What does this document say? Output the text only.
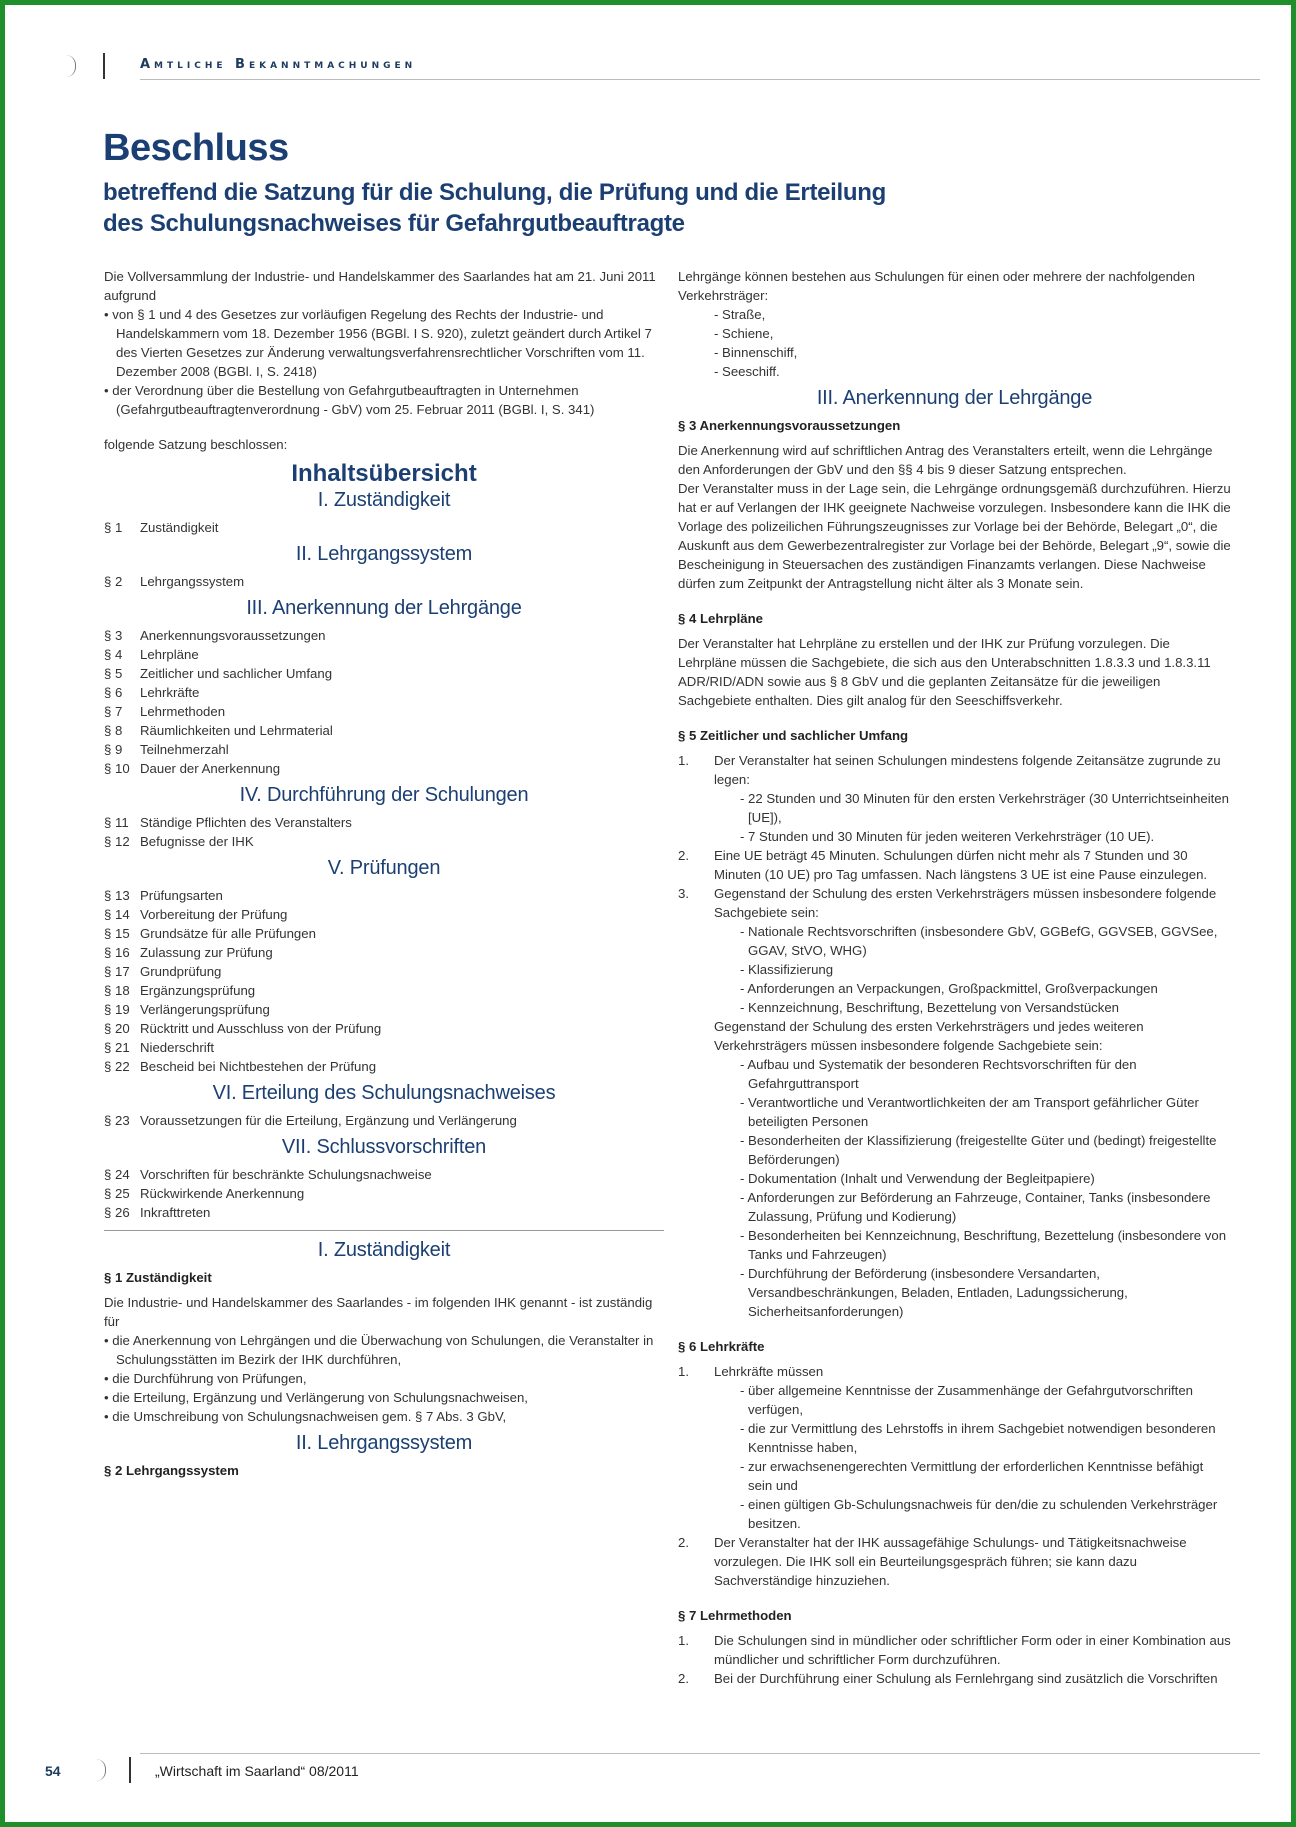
Amtliche Bekanntmachungen
Beschluss
betreffend die Satzung für die Schulung, die Prüfung und die Erteilung
des Schulungsnachweises für Gefahrgutbeauftragte

Die Vollversammlung der Industrie- und Handelskammer des Saarlandes hat am 21. Juni 2011 aufgrund

• von § 1 und 4 des Gesetzes zur vorläufigen Regelung des Rechts der Industrie- und Handelskammern vom 18. Dezember 1956 (BGBl. I S. 920), zuletzt geändert durch Artikel 7 des Vierten Gesetzes zur Änderung verwaltungsverfahrensrechtlicher Vorschriften vom 11. Dezember 2008 (BGBl. I, S. 2418)

• der Verordnung über die Bestellung von Gefahrgutbeauftragten in Unternehmen (Gefahrgutbeauftragtenverordnung - GbV) vom 25. Februar 2011 (BGBl. I, S. 341)

folgende Satzung beschlossen:

Inhaltsübersicht
I. Zuständigkeit
§ 1	Zuständigkeit
II. Lehrgangssystem
§ 2	Lehrgangssystem
III. Anerkennung der Lehrgänge
§ 3	Anerkennungsvoraussetzungen
§ 4	Lehrpläne
§ 5	Zeitlicher und sachlicher Umfang
§ 6	Lehrkräfte
§ 7	Lehrmethoden
§ 8	Räumlichkeiten und Lehrmaterial
§ 9	Teilnehmerzahl
§ 10 Dauer der Anerkennung
IV. Durchführung der Schulungen
§ 11 Ständige Pflichten des Veranstalters
§ 12 Befugnisse der IHK
V. Prüfungen
§ 13 Prüfungsarten
§ 14 Vorbereitung der Prüfung
§ 15 Grundsätze für alle Prüfungen
§ 16 Zulassung zur Prüfung
§ 17 Grundprüfung
§ 18 Ergänzungsprüfung
§ 19 Verlängerungsprüfung
§ 20 Rücktritt und Ausschluss von der Prüfung
§ 21 Niederschrift
§ 22 Bescheid bei Nichtbestehen der Prüfung
VI. Erteilung des Schulungsnachweises
§ 23 Voraussetzungen für die Erteilung, Ergänzung und Verlängerung
VII. Schlussvorschriften
§ 24 Vorschriften für beschränkte Schulungsnachweise
§ 25 Rückwirkende Anerkennung
§ 26 Inkrafttreten
I. Zuständigkeit

§ 1 Zuständigkeit

Die Industrie- und Handelskammer des Saarlandes - im folgenden IHK genannt - ist zuständig für

• die Anerkennung von Lehrgängen und die Überwachung von Schulungen, die Veranstalter in Schulungsstätten im Bezirk der IHK durchführen,

• die Durchführung von Prüfungen,

• die Erteilung, Ergänzung und Verlängerung von Schulungsnachweisen,

• die Umschreibung von Schulungsnachweisen gem. § 7 Abs. 3 GbV,

II. Lehrgangssystem

§ 2 Lehrgangssystem

Lehrgänge können bestehen aus Schulungen für einen oder mehrere der nachfolgenden Verkehrsträger:

- Straße,

- Schiene,

- Binnenschiff,

- Seeschiff.

III. Anerkennung der Lehrgänge

§ 3 Anerkennungsvoraussetzungen

Die Anerkennung wird auf schriftlichen Antrag des Veranstalters erteilt, wenn die Lehrgänge den Anforderungen der GbV und den §§ 4 bis 9 dieser Satzung entsprechen.

Der Veranstalter muss in der Lage sein, die Lehrgänge ordnungsgemäß durchzuführen. Hierzu hat er auf Verlangen der IHK geeignete Nachweise vorzulegen. Insbesondere kann die IHK die Vorlage des polizeilichen Führungszeugnisses zur Vorlage bei der Behörde, Belegart „0“, die Auskunft aus dem Gewerbezentralregister zur Vorlage bei der Behörde, Belegart „9“, sowie die Bescheinigung in Steuersachen des zuständigen Finanzamts verlangen. Diese Nachweise dürfen zum Zeitpunkt der Antragstellung nicht älter als 3 Monate sein.

§ 4 Lehrpläne

Der Veranstalter hat Lehrpläne zu erstellen und der IHK zur Prüfung vorzulegen. Die Lehrpläne müssen die Sachgebiete, die sich aus den Unterabschnitten 1.8.3.3 und 1.8.3.11 ADR/RID/ADN sowie aus § 8 GbV und die geplanten Zeitansätze für die jeweiligen Sachgebiete enthalten. Dies gilt analog für den Seeschiffsverkehr.

§ 5 Zeitlicher und sachlicher Umfang

1.	Der Veranstalter hat seinen Schulungen mindestens folgende Zeitansätze zugrunde zu legen:
- 22 Stunden und 30 Minuten für den ersten Verkehrsträger (30 Unterrichtseinheiten [UE]),
- 7 Stunden und 30 Minuten für jeden weiteren Verkehrsträger (10 UE).
2.	Eine UE beträgt 45 Minuten. Schulungen dürfen nicht mehr als 7 Stunden und 30 Minuten (10 UE) pro Tag umfassen. Nach längstens 3 UE ist eine Pause einzulegen.
3.	Gegenstand der Schulung des ersten Verkehrsträgers müssen insbesondere folgende Sachgebiete sein:
- Nationale Rechtsvorschriften (insbesondere GbV, GGBefG, GGVSEB, GGVSee, GGAV, StVO, WHG)
- Klassifizierung
- Anforderungen an Verpackungen, Großpackmittel, Großverpackungen
- Kennzeichnung, Beschriftung, Bezettelung von Versandstücken
Gegenstand der Schulung des ersten Verkehrsträgers und jedes weiteren Verkehrsträgers müssen insbesondere folgende Sachgebiete sein:
- Aufbau und Systematik der besonderen Rechtsvorschriften für den Gefahrguttransport
- Verantwortliche und Verantwortlichkeiten der am Transport gefährlicher Güter beteiligten Personen
- Besonderheiten der Klassifizierung (freigestellte Güter und (bedingt) freigestellte Beförderungen)
- Dokumentation (Inhalt und Verwendung der Begleitpapiere)
- Anforderungen zur Beförderung an Fahrzeuge, Container, Tanks (insbesondere Zulassung, Prüfung und Kodierung)
- Besonderheiten bei Kennzeichnung, Beschriftung, Bezettelung (insbesondere von Tanks und Fahrzeugen)
- Durchführung der Beförderung (insbesondere Versandarten, Versandbeschränkungen, Beladen, Entladen, Ladungssicherung, Sicherheitsanforderungen)

§ 6 Lehrkräfte

1.	Lehrkräfte müssen
- über allgemeine Kenntnisse der Zusammenhänge der Gefahrgutvorschriften verfügen,
- die zur Vermittlung des Lehrstoffs in ihrem Sachgebiet notwendigen besonderen Kenntnisse haben,
- zur erwachsenengerechten Vermittlung der erforderlichen Kenntnisse befähigt sein und
- einen gültigen Gb-Schulungsnachweis für den/die zu schulenden Verkehrsträger besitzen.
2.	Der Veranstalter hat der IHK aussagefähige Schulungs- und Tätigkeitsnachweise vorzulegen. Die IHK soll ein Beurteilungsgespräch führen; sie kann dazu Sachverständige hinzuziehen.

§ 7 Lehrmethoden

1.	Die Schulungen sind in mündlicher oder schriftlicher Form oder in einer Kombination aus mündlicher und schriftlicher Form durchzuführen.
2.	Bei der Durchführung einer Schulung als Fernlehrgang sind zusätzlich die Vorschriften
54	„Wirtschaft im Saarland“ 08/2011
